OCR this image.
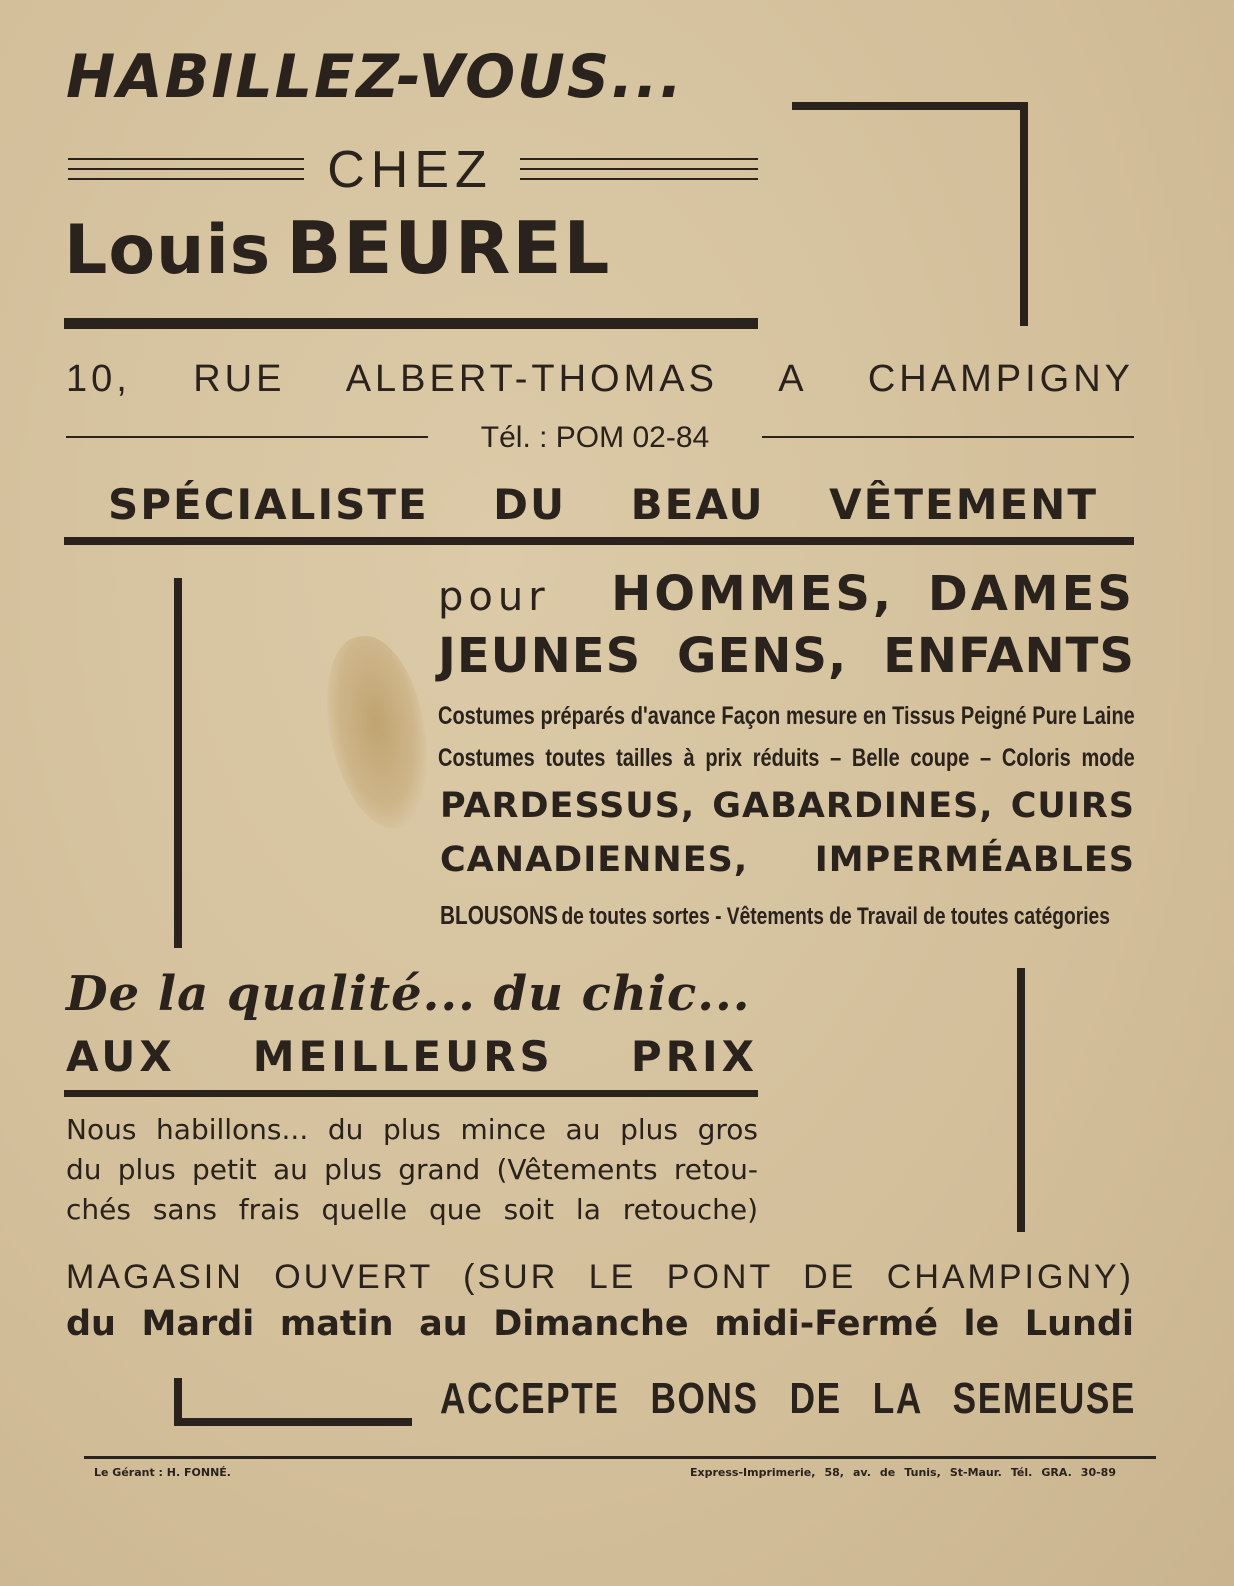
HABILLEZ-VOUS...
CHEZ
Louis BEUREL
10, RUE ALBERT-THOMAS A CHAMPIGNY
Tél. : POM 02-84
SPÉCIALISTE DU BEAU VÊTEMENT
pour HOMMES, DAMES
JEUNES GENS, ENFANTS
Costumes préparés d'avance Façon mesure en Tissus Peigné Pure Laine
Costumes toutes tailles à prix réduits – Belle coupe – Coloris mode
PARDESSUS, GABARDINES, CUIRS
CANADIENNES, IMPERMÉABLES
BLOUSONS de toutes sortes - Vêtements de Travail de toutes catégories
De la qualité... du chic...
AUX MEILLEURS PRIX
Nous habillons... du plus mince au plus gros
du plus petit au plus grand (Vêtements retou-
chés sans frais quelle que soit la retouche)
MAGASIN OUVERT (SUR LE PONT DE CHAMPIGNY)
du Mardi matin au Dimanche midi-Fermé le Lundi
ACCEPTE BONS DE LA SEMEUSE
Le Gérant : H. FONNÉ.	Express-Imprimerie, 58, av. de Tunis, St-Maur. Tél. GRA. 30-89
